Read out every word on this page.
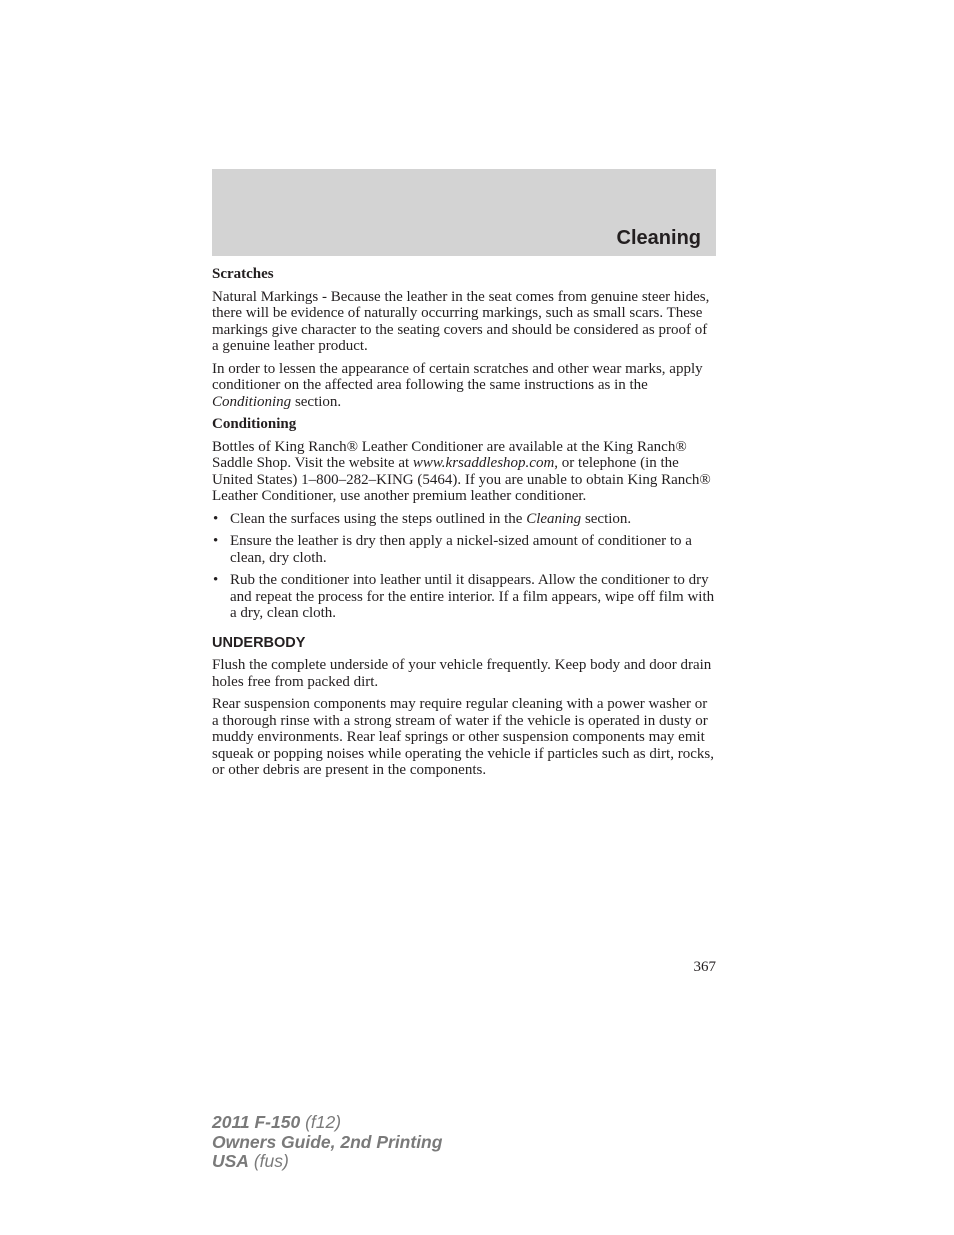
Cleaning
Scratches

Natural Markings - Because the leather in the seat comes from genuine steer hides, there will be evidence of naturally occurring markings, such as small scars. These markings give character to the seating covers and should be considered as proof of a genuine leather product.

In order to lessen the appearance of certain scratches and other wear marks, apply conditioner on the affected area following the same instructions as in the Conditioning section.

Conditioning

Bottles of King Ranch® Leather Conditioner are available at the King Ranch® Saddle Shop. Visit the website at www.krsaddleshop.com, or telephone (in the United States) 1–800–282–KING (5464). If you are unable to obtain King Ranch® Leather Conditioner, use another premium leather conditioner.

• Clean the surfaces using the steps outlined in the Cleaning section.
• Ensure the leather is dry then apply a nickel-sized amount of conditioner to a clean, dry cloth.
• Rub the conditioner into leather until it disappears. Allow the conditioner to dry and repeat the process for the entire interior. If a film appears, wipe off film with a dry, clean cloth.
UNDERBODY

Flush the complete underside of your vehicle frequently. Keep body and door drain holes free from packed dirt.

Rear suspension components may require regular cleaning with a power washer or a thorough rinse with a strong stream of water if the vehicle is operated in dusty or muddy environments. Rear leaf springs or other suspension components may emit squeak or popping noises while operating the vehicle if particles such as dirt, rocks, or other debris are present in the components.

367
2011 F-150 (f12)
Owners Guide, 2nd Printing
USA (fus)
